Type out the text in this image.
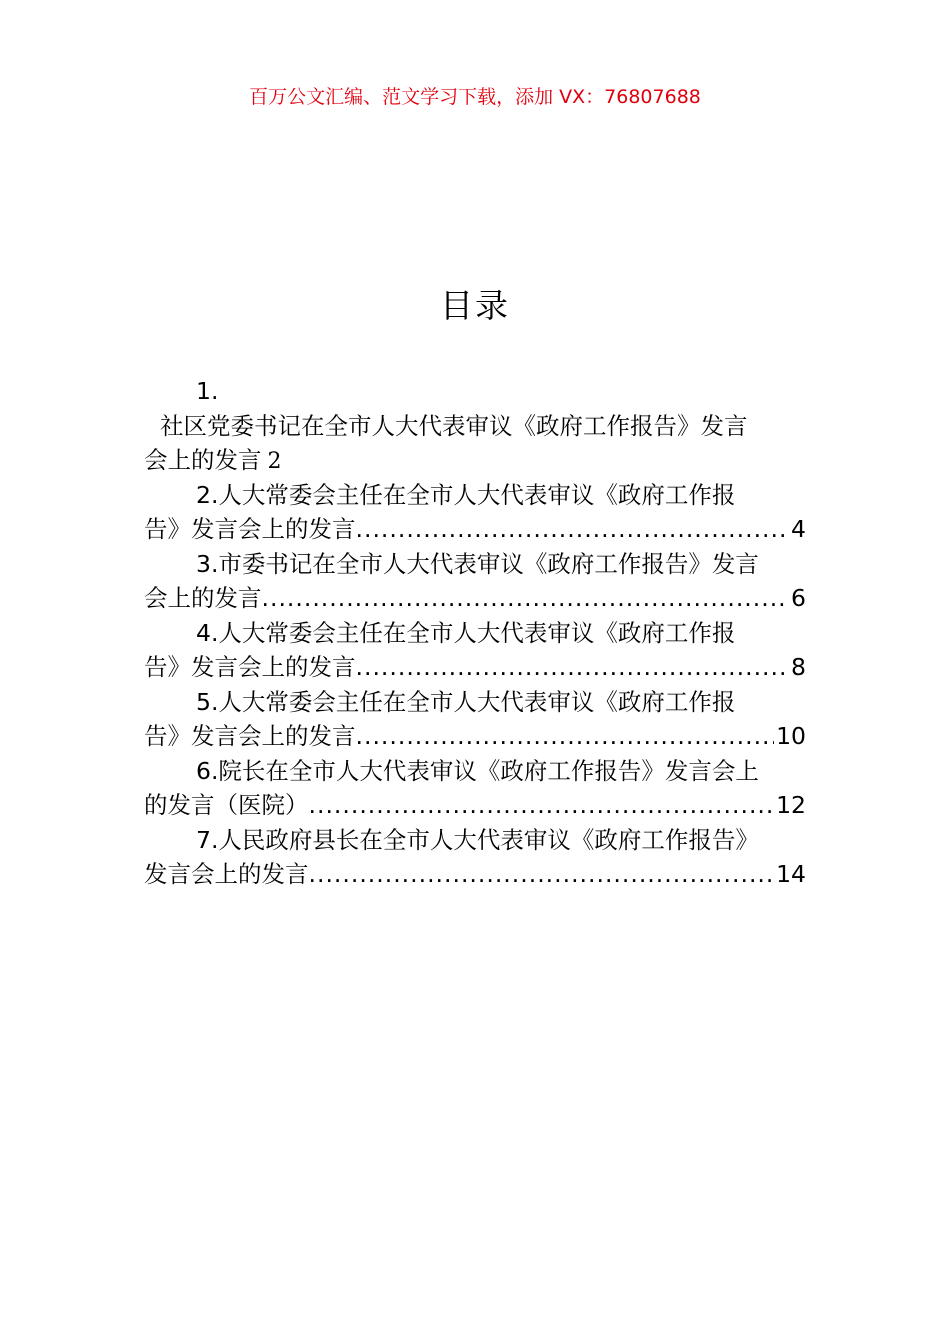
百万公文汇编、范文学习下载，添加 VX：76807688
目录
1.
社区党委书记在全市人大代表审议《政府工作报告》发言
会上的发言 2
2.人大常委会主任在全市人大代表审议《政府工作报
告》发言会上的发言 .....	4
3.市委书记在全市人大代表审议《政府工作报告》发言
会上的发言 .....	6
4.人大常委会主任在全市人大代表审议《政府工作报
告》发言会上的发言 .....	8
5.人大常委会主任在全市人大代表审议《政府工作报
告》发言会上的发言 .....	10
6.院长在全市人大代表审议《政府工作报告》发言会上
的发言（医院） .....	12
7.人民政府县长在全市人大代表审议《政府工作报告》
发言会上的发言 .....	14
